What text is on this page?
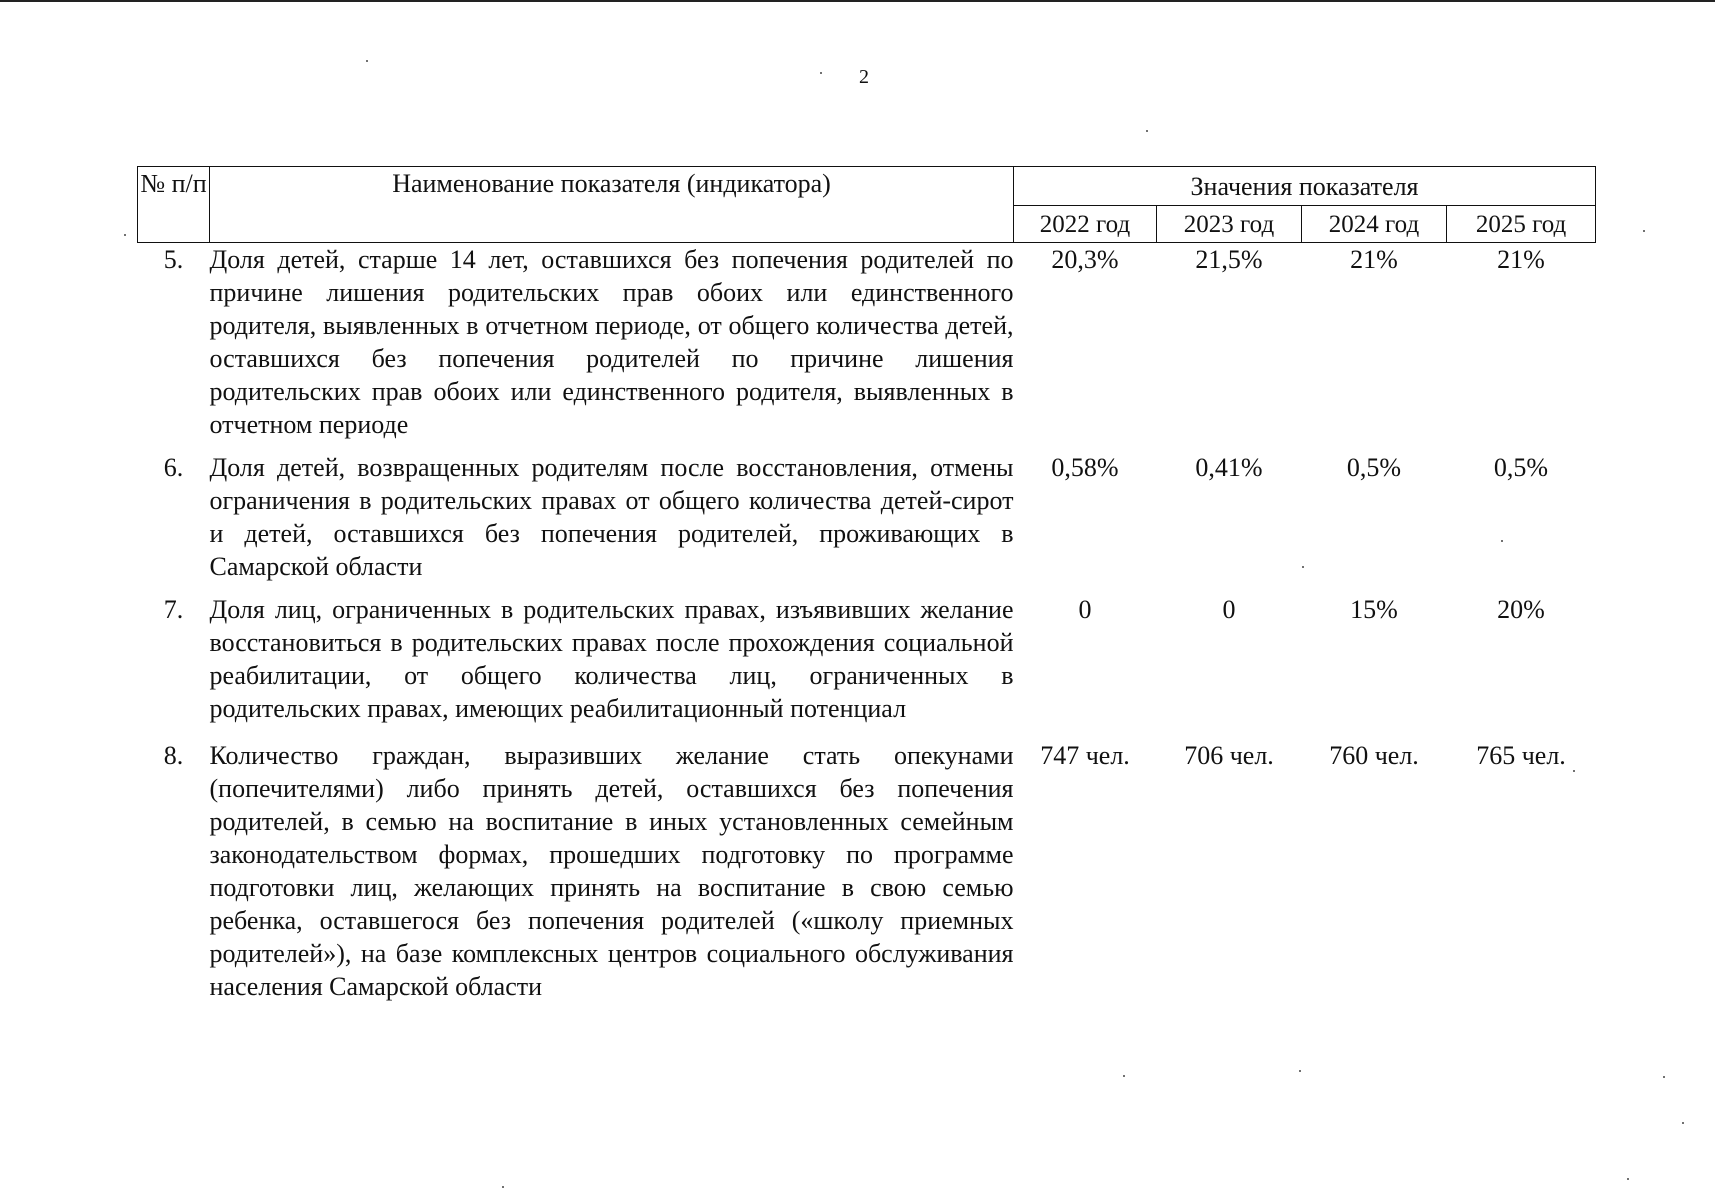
2
№ п/п	Наименование показателя (индикатора)	Значения показателя			
		2022 год	2023 год	2024 год	2025 год
5.	Доля детей, старше 14 лет, оставшихся без попечения родителей по причине лишения родительских прав обоих или единственного родителя, выявленных в отчетном периоде, от общего количества детей, оставшихся без попечения родителей по причине лишения родительских прав обоих или единственного родителя, выявленных в отчетном периоде	20,3%	21,5%	21%	21%
6.	Доля детей, возвращенных родителям после восстановления, отмены ограничения в родительских правах от общего количества детей-сирот и детей, оставшихся без попечения родителей, проживающих в Самарской области	0,58%	0,41%	0,5%	0,5%
7.	Доля лиц, ограниченных в родительских правах, изъявивших желание восстановиться в родительских правах после прохождения социальной реабилитации, от общего количества лиц, ограниченных в родительских правах, имеющих реабилитационный потенциал	0	0	15%	20%
8.	Количество граждан, выразивших желание стать опекунами (попечителями) либо принять детей, оставшихся без попечения родителей, в семью на воспитание в иных установленных семейным законодательством формах, прошедших подготовку по программе подготовки лиц, желающих принять на воспитание в свою семью ребенка, оставшегося без попечения родителей («школу приемных родителей»), на базе комплексных центров социального обслуживания населения Самарской области	747 чел.	706 чел.	760 чел.	765 чел.
